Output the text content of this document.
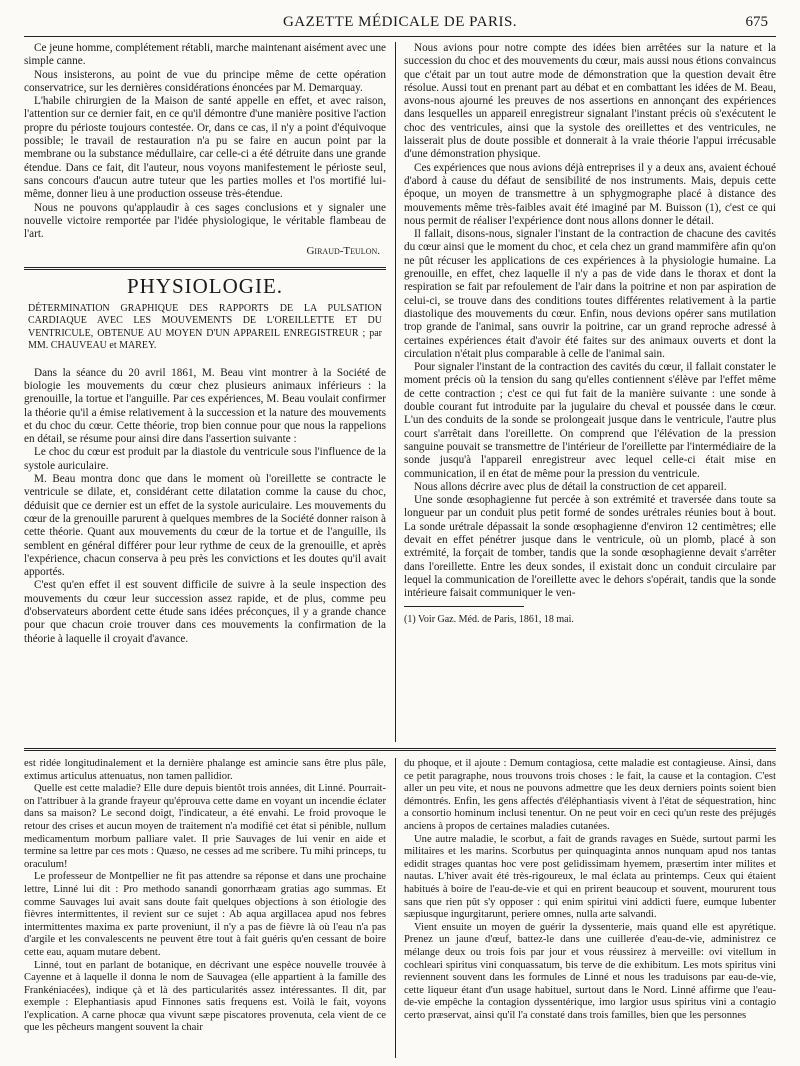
GAZETTE MÉDICALE DE PARIS.	675

Ce jeune homme, complétement rétabli, marche maintenant aisément avec une simple canne.

Nous insisterons, au point de vue du principe même de cette opération conservatrice, sur les dernières considérations énoncées par M. Demarquay.

L'habile chirurgien de la Maison de santé appelle en effet, et avec raison, l'attention sur ce dernier fait, en ce qu'il démontre d'une manière positive l'action propre du périoste toujours contestée. Or, dans ce cas, il n'y a point d'équivoque possible; le travail de restauration n'a pu se faire en aucun point par la membrane ou la substance médullaire, car celle-ci a été détruite dans une grande étendue. Dans ce fait, dit l'auteur, nous voyons manifestement le périoste seul, sans concours d'aucun autre tuteur que les parties molles et l'os mortifié lui-même, donner lieu à une production osseuse très-étendue.

Nous ne pouvons qu'applaudir à ces sages conclusions et y signaler une nouvelle victoire remportée par l'idée physiologique, le véritable flambeau de l'art.

Giraud-Teulon.
PHYSIOLOGIE.
DÉTERMINATION GRAPHIQUE DES RAPPORTS DE LA PULSATION CARDIAQUE AVEC LES MOUVEMENTS DE L'OREILLETTE ET DU VENTRICULE, OBTENUE AU MOYEN D'UN APPAREIL ENREGISTREUR ; par MM. CHAUVEAU et MAREY.

Dans la séance du 20 avril 1861, M. Beau vint montrer à la Société de biologie les mouvements du cœur chez plusieurs animaux inférieurs : la grenouille, la tortue et l'anguille. Par ces expériences, M. Beau voulait confirmer la théorie qu'il a émise relativement à la succession et la nature des mouvements et du choc du cœur. Cette théorie, trop bien connue pour que nous la rappelions en détail, se résume pour ainsi dire dans l'assertion suivante :

Le choc du cœur est produit par la diastole du ventricule sous l'influence de la systole auriculaire.

M. Beau montra donc que dans le moment où l'oreillette se contracte le ventricule se dilate, et, considérant cette dilatation comme la cause du choc, déduisit que ce dernier est un effet de la systole auriculaire. Les mouvements du cœur de la grenouille parurent à quelques membres de la Société donner raison à cette théorie. Quant aux mouvements du cœur de la tortue et de l'anguille, ils semblent en général différer pour leur rythme de ceux de la grenouille, et après l'expérience, chacun conserva à peu près les convictions et les doutes qu'il avait apportés.

C'est qu'en effet il est souvent difficile de suivre à la seule inspection des mouvements du cœur leur succession assez rapide, et de plus, comme peu d'observateurs abordent cette étude sans idées préconçues, il y a grande chance pour que chacun croie trouver dans ces mouvements la confirmation de la théorie à laquelle il croyait d'avance.

Nous avions pour notre compte des idées bien arrêtées sur la nature et la succession du choc et des mouvements du cœur, mais aussi nous étions convaincus que c'était par un tout autre mode de démonstration que la question devait être résolue. Aussi tout en prenant part au débat et en combattant les idées de M. Beau, avons-nous ajourné les preuves de nos assertions en annonçant des expériences dans lesquelles un appareil enregistreur signalant l'instant précis où s'exécutent le choc des ventricules, ainsi que la systole des oreillettes et des ventricules, ne laisserait plus de doute possible et donnerait à la vraie théorie l'appui irrécusable d'une démonstration physique.

Ces expériences que nous avions déjà entreprises il y a deux ans, avaient échoué d'abord à cause du défaut de sensibilité de nos instruments. Mais, depuis cette époque, un moyen de transmettre à un sphygmographe placé à distance des mouvements même très-faibles avait été imaginé par M. Buisson (1), c'est ce qui nous permit de réaliser l'expérience dont nous allons donner le détail.

Il fallait, disons-nous, signaler l'instant de la contraction de chacune des cavités du cœur ainsi que le moment du choc, et cela chez un grand mammifère afin qu'on ne pût récuser les applications de ces expériences à la physiologie humaine. La grenouille, en effet, chez laquelle il n'y a pas de vide dans le thorax et dont la respiration se fait par refoulement de l'air dans la poitrine et non par aspiration de celui-ci, se trouve dans des conditions toutes différentes relativement à la partie diastolique des mouvements du cœur. Enfin, nous devions opérer sans mutilation trop grande de l'animal, sans ouvrir la poitrine, car un grand reproche adressé à certaines expériences était d'avoir été faites sur des animaux ouverts et dont la circulation n'était plus comparable à celle de l'animal sain.

Pour signaler l'instant de la contraction des cavités du cœur, il fallait constater le moment précis où la tension du sang qu'elles contiennent s'élève par l'effet même de cette contraction ; c'est ce qui fut fait de la manière suivante : une sonde à double courant fut introduite par la jugulaire du cheval et poussée dans le cœur. L'un des conduits de la sonde se prolongeait jusque dans le ventricule, l'autre plus court s'arrêtait dans l'oreillette. On comprend que l'élévation de la pression sanguine pouvait se transmettre de l'intérieur de l'oreillette par l'intermédiaire de la sonde jusqu'à l'appareil enregistreur avec lequel celle-ci était mise en communication, il en état de même pour la pression du ventricule.

Nous allons décrire avec plus de détail la construction de cet appareil.

Une sonde œsophagienne fut percée à son extrémité et traversée dans toute sa longueur par un conduit plus petit formé de sondes urétrales réunies bout à bout. La sonde urétrale dépassait la sonde œsophagienne d'environ 12 centimètres; elle devait en effet pénétrer jusque dans le ventricule, où un plomb, placé à son extrémité, la forçait de tomber, tandis que la sonde œsophagienne devait s'arrêter dans l'oreillette. Entre les deux sondes, il existait donc un conduit circulaire par lequel la communication de l'oreillette avec le dehors s'opérait, tandis que la sonde intérieure faisait communiquer le ven-

(1) Voir Gaz. Méd. de Paris, 1861, 18 mai.

est ridée longitudinalement et la dernière phalange est amincie sans être plus pâle, extimus articulus attenuatus, non tamen pallidior.

Quelle est cette maladie? Elle dure depuis bientôt trois années, dit Linné. Pourrait-on l'attribuer à la grande frayeur qu'éprouva cette dame en voyant un incendie éclater dans sa maison? Le second doigt, l'indicateur, a été envahi. Le froid provoque le retour des crises et aucun moyen de traitement n'a modifié cet état si pénible, nullum medicamentum morbum palliare valet. Il prie Sauvages de lui venir en aide et termine sa lettre par ces mots : Quæso, ne cesses ad me scribere. Tu mihi princeps, tu oraculum!

Le professeur de Montpellier ne fit pas attendre sa réponse et dans une prochaine lettre, Linné lui dit : Pro methodo sanandi gonorrhæam gratias ago summas. Et comme Sauvages lui avait sans doute fait quelques objections à son étiologie des fièvres intermittentes, il revient sur ce sujet : Ab aqua argillacea apud nos febres intermittentes maxima ex parte proveniunt, il n'y a pas de fièvre là où l'eau n'a pas d'argile et les convalescents ne peuvent être tout à fait guéris qu'en cessant de boire cette eau, aquam mutare debent.

Linné, tout en parlant de botanique, en décrivant une espèce nouvelle trouvée à Cayenne et à laquelle il donna le nom de Sauvagea (elle appartient à la famille des Frankéniacées), indique çà et là des particularités assez intéressantes. Il dit, par exemple : Elephantiasis apud Finnones satis frequens est. Voilà le fait, voyons l'explication. A carne phocæ qua vivunt sæpe piscatores provenuta, cela vient de ce que les pêcheurs mangent souvent la chair

du phoque, et il ajoute : Demum contagiosa, cette maladie est contagieuse. Ainsi, dans ce petit paragraphe, nous trouvons trois choses : le fait, la cause et la contagion. C'est aller un peu vite, et nous ne pouvons admettre que les deux derniers points soient bien démontrés. Enfin, les gens affectés d'éléphantiasis vivent à l'état de séquestration, hinc a consortio hominum inclusi tenentur. On ne peut voir en ceci qu'un reste des préjugés anciens à propos de certaines maladies cutanées.

Une autre maladie, le scorbut, a fait de grands ravages en Suède, surtout parmi les militaires et les marins. Scorbutus per quinquaginta annos nunquam apud nos tantas edidit strages quantas hoc vere post gelidissimam hyemem, præsertim inter milites et nautas. L'hiver avait été très-rigoureux, le mal éclata au printemps. Ceux qui étaient habitués à boire de l'eau-de-vie et qui en prirent beaucoup et souvent, moururent tous sans que rien pût s'y opposer : qui enim spiritui vini addicti fuere, eumque lubenter sæpiusque ingurgitarunt, periere omnes, nulla arte salvandi.

Vient ensuite un moyen de guérir la dyssenterie, mais quand elle est apyrétique. Prenez un jaune d'œuf, battez-le dans une cuillerée d'eau-de-vie, administrez ce mélange deux ou trois fois par jour et vous réussirez à merveille: ovi vitellum in cochleari spiritus vini conquassatum, bis terve de die exhibitum. Les mots spiritus vini reviennent souvent dans les formules de Linné et nous les traduisons par eau-de-vie, cette liqueur étant d'un usage habituel, surtout dans le Nord. Linné affirme que l'eau-de-vie empêche la contagion dyssentérique, imo largior usus spiritus vini a contagio certo præservat, ainsi qu'il l'a constaté dans trois familles, bien que les personnes
